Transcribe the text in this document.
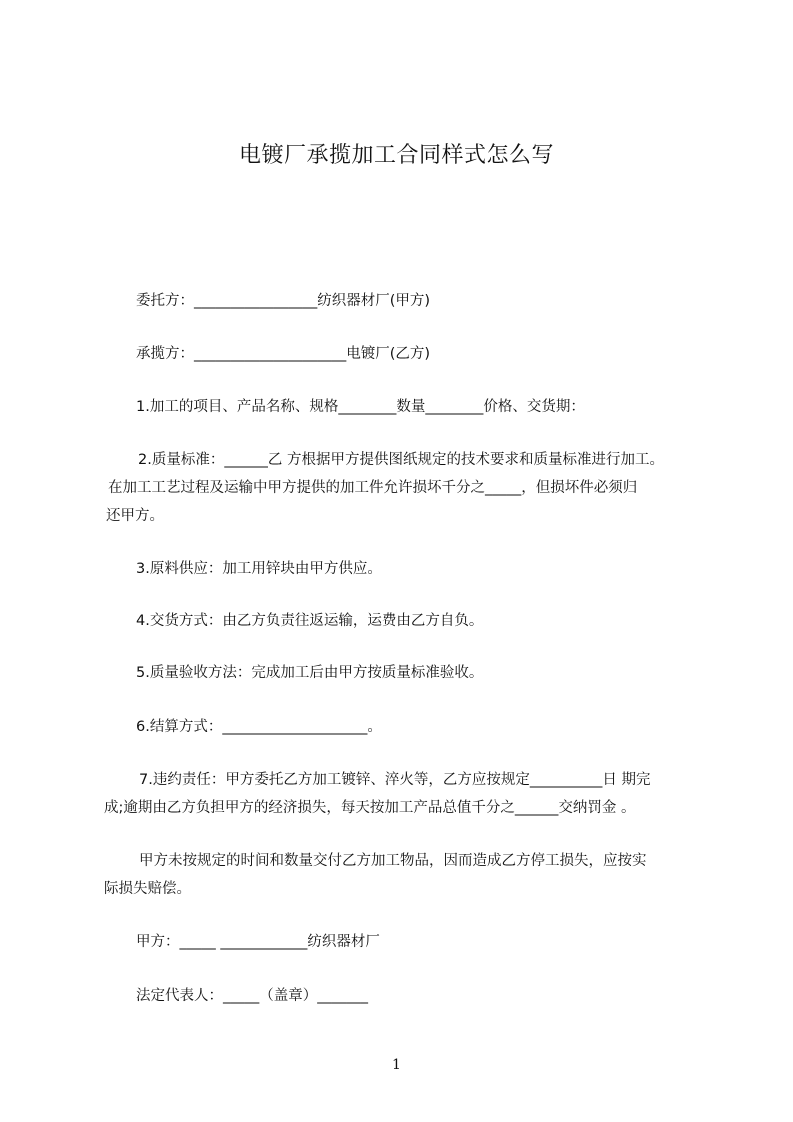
电镀厂承揽加工合同样式怎么写
委托方：_________________纺织器材厂(甲方)
承揽方：_____________________电镀厂(乙方)
1.加工的项目、产品名称、规格________数量________价格、交货期：
2.质量标准：______乙 方根据甲方提供图纸规定的技术要求和质量标准进行加工。
在加工工艺过程及运输中甲方提供的加工件允许损坏千分之_____，但损坏件必须归
还甲方。
3.原料供应：加工用锌块由甲方供应。
4.交货方式：由乙方负责往返运输，运费由乙方自负。
5.质量验收方法：完成加工后由甲方按质量标准验收。
6.结算方式：____________________。
7.违约责任：甲方委托乙方加工镀锌、淬火等，乙方应按规定__________日 期完
成;逾期由乙方负担甲方的经济损失，每天按加工产品总值千分之______交纳罚金 。
甲方未按规定的时间和数量交付乙方加工物品，因而造成乙方停工损失，应按实
际损失赔偿。
甲方：_____ ____________纺织器材厂
法定代表人：_____（盖章）_______
1
